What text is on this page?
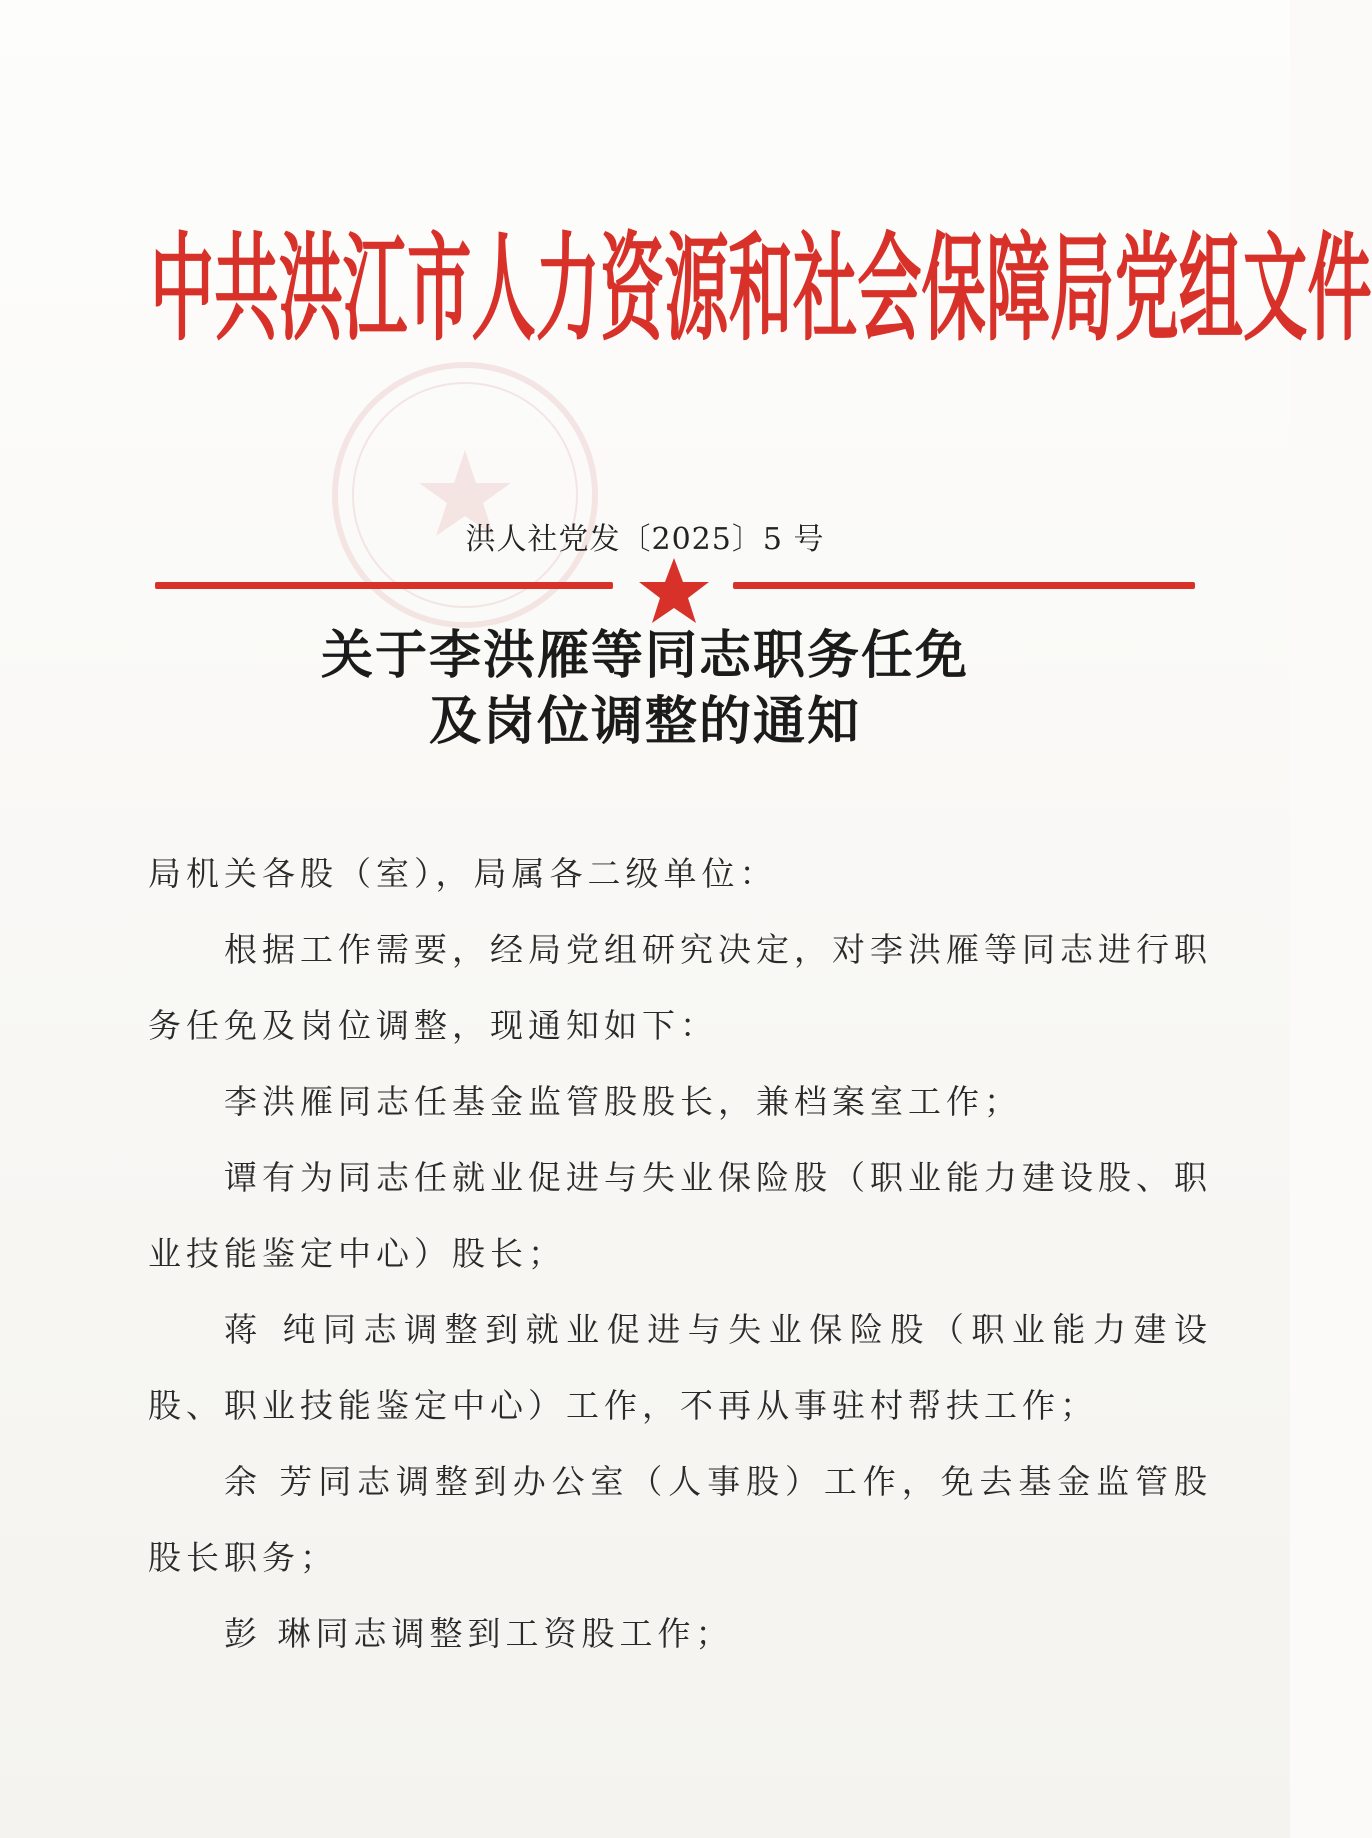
中共洪江市人力资源和社会保障局党组文件
洪人社党发〔2025〕5 号
关于李洪雁等同志职务任免
及岗位调整的通知

局机关各股（室），局属各二级单位：

根据工作需要，经局党组研究决定，对李洪雁等同志进行职务任免及岗位调整，现通知如下：

李洪雁同志任基金监管股股长，兼档案室工作；

谭有为同志任就业促进与失业保险股（职业能力建设股、职业技能鉴定中心）股长；

蒋 纯同志调整到就业促进与失业保险股（职业能力建设股、职业技能鉴定中心）工作，不再从事驻村帮扶工作；

余 芳同志调整到办公室（人事股）工作，免去基金监管股股长职务；

彭 琳同志调整到工资股工作；
